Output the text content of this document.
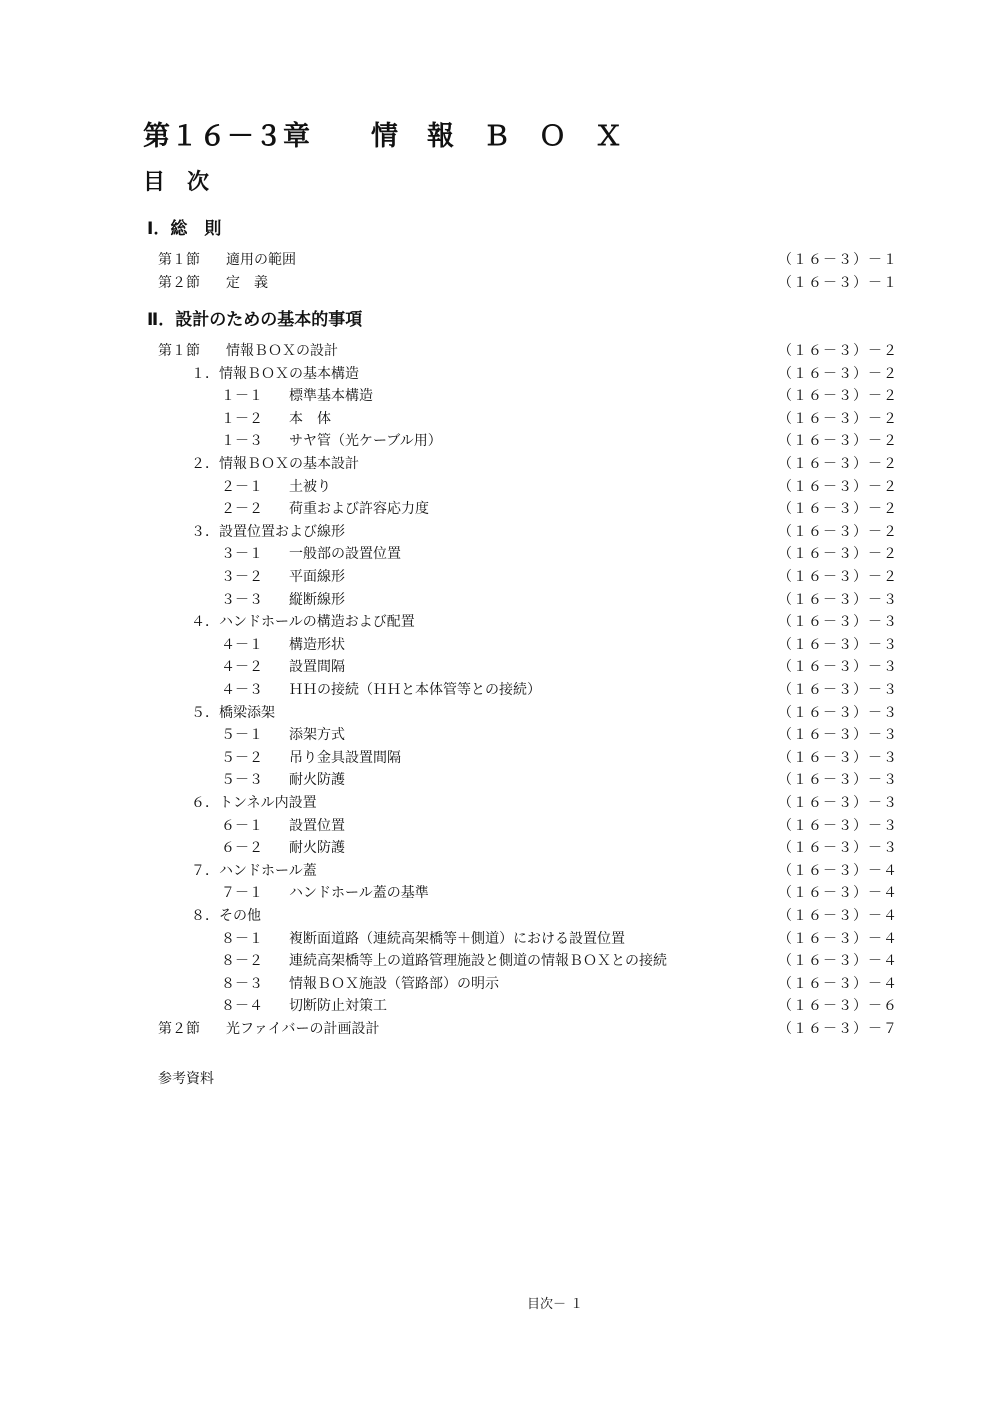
第１６－３章 情　報　Ｂ　Ｏ　Ｘ
目　次
Ⅰ．総　則
第１節 適用の範囲	（１６－３）－１
第２節 定　義	（１６－３）－１
Ⅱ．設計のための基本的事項
第１節 情報ＢＯＸの設計	（１６－３）－２
１．情報ＢＯＸの基本構造	（１６－３）－２
１－１ 標準基本構造	（１６－３）－２
１－２ 本　体	（１６－３）－２
１－３ サヤ管（光ケーブル用）	（１６－３）－２
２．情報ＢＯＸの基本設計	（１６－３）－２
２－１ 土被り	（１６－３）－２
２－２ 荷重および許容応力度	（１６－３）－２
３．設置位置および線形	（１６－３）－２
３－１ 一般部の設置位置	（１６－３）－２
３－２ 平面線形	（１６－３）－２
３－３ 縦断線形	（１６－３）－３
４．ハンドホールの構造および配置	（１６－３）－３
４－１ 構造形状	（１６－３）－３
４－２ 設置間隔	（１６－３）－３
４－３ ＨＨの接続（ＨＨと本体管等との接続）	（１６－３）－３
５．橋梁添架	（１６－３）－３
５－１ 添架方式	（１６－３）－３
５－２ 吊り金具設置間隔	（１６－３）－３
５－３ 耐火防護	（１６－３）－３
６．トンネル内設置	（１６－３）－３
６－１ 設置位置	（１６－３）－３
６－２ 耐火防護	（１６－３）－３
７．ハンドホール蓋	（１６－３）－４
７－１ ハンドホール蓋の基準	（１６－３）－４
８．その他	（１６－３）－４
８－１ 複断面道路（連続高架橋等＋側道）における設置位置	（１６－３）－４
８－２ 連続高架橋等上の道路管理施設と側道の情報ＢＯＸとの接続	（１６－３）－４
８－３ 情報ＢＯＸ施設（管路部）の明示	（１６－３）－４
８－４ 切断防止対策工	（１６－３）－６
第２節 光ファイバーの計画設計	（１６－３）－７
参考資料
目次－ １
